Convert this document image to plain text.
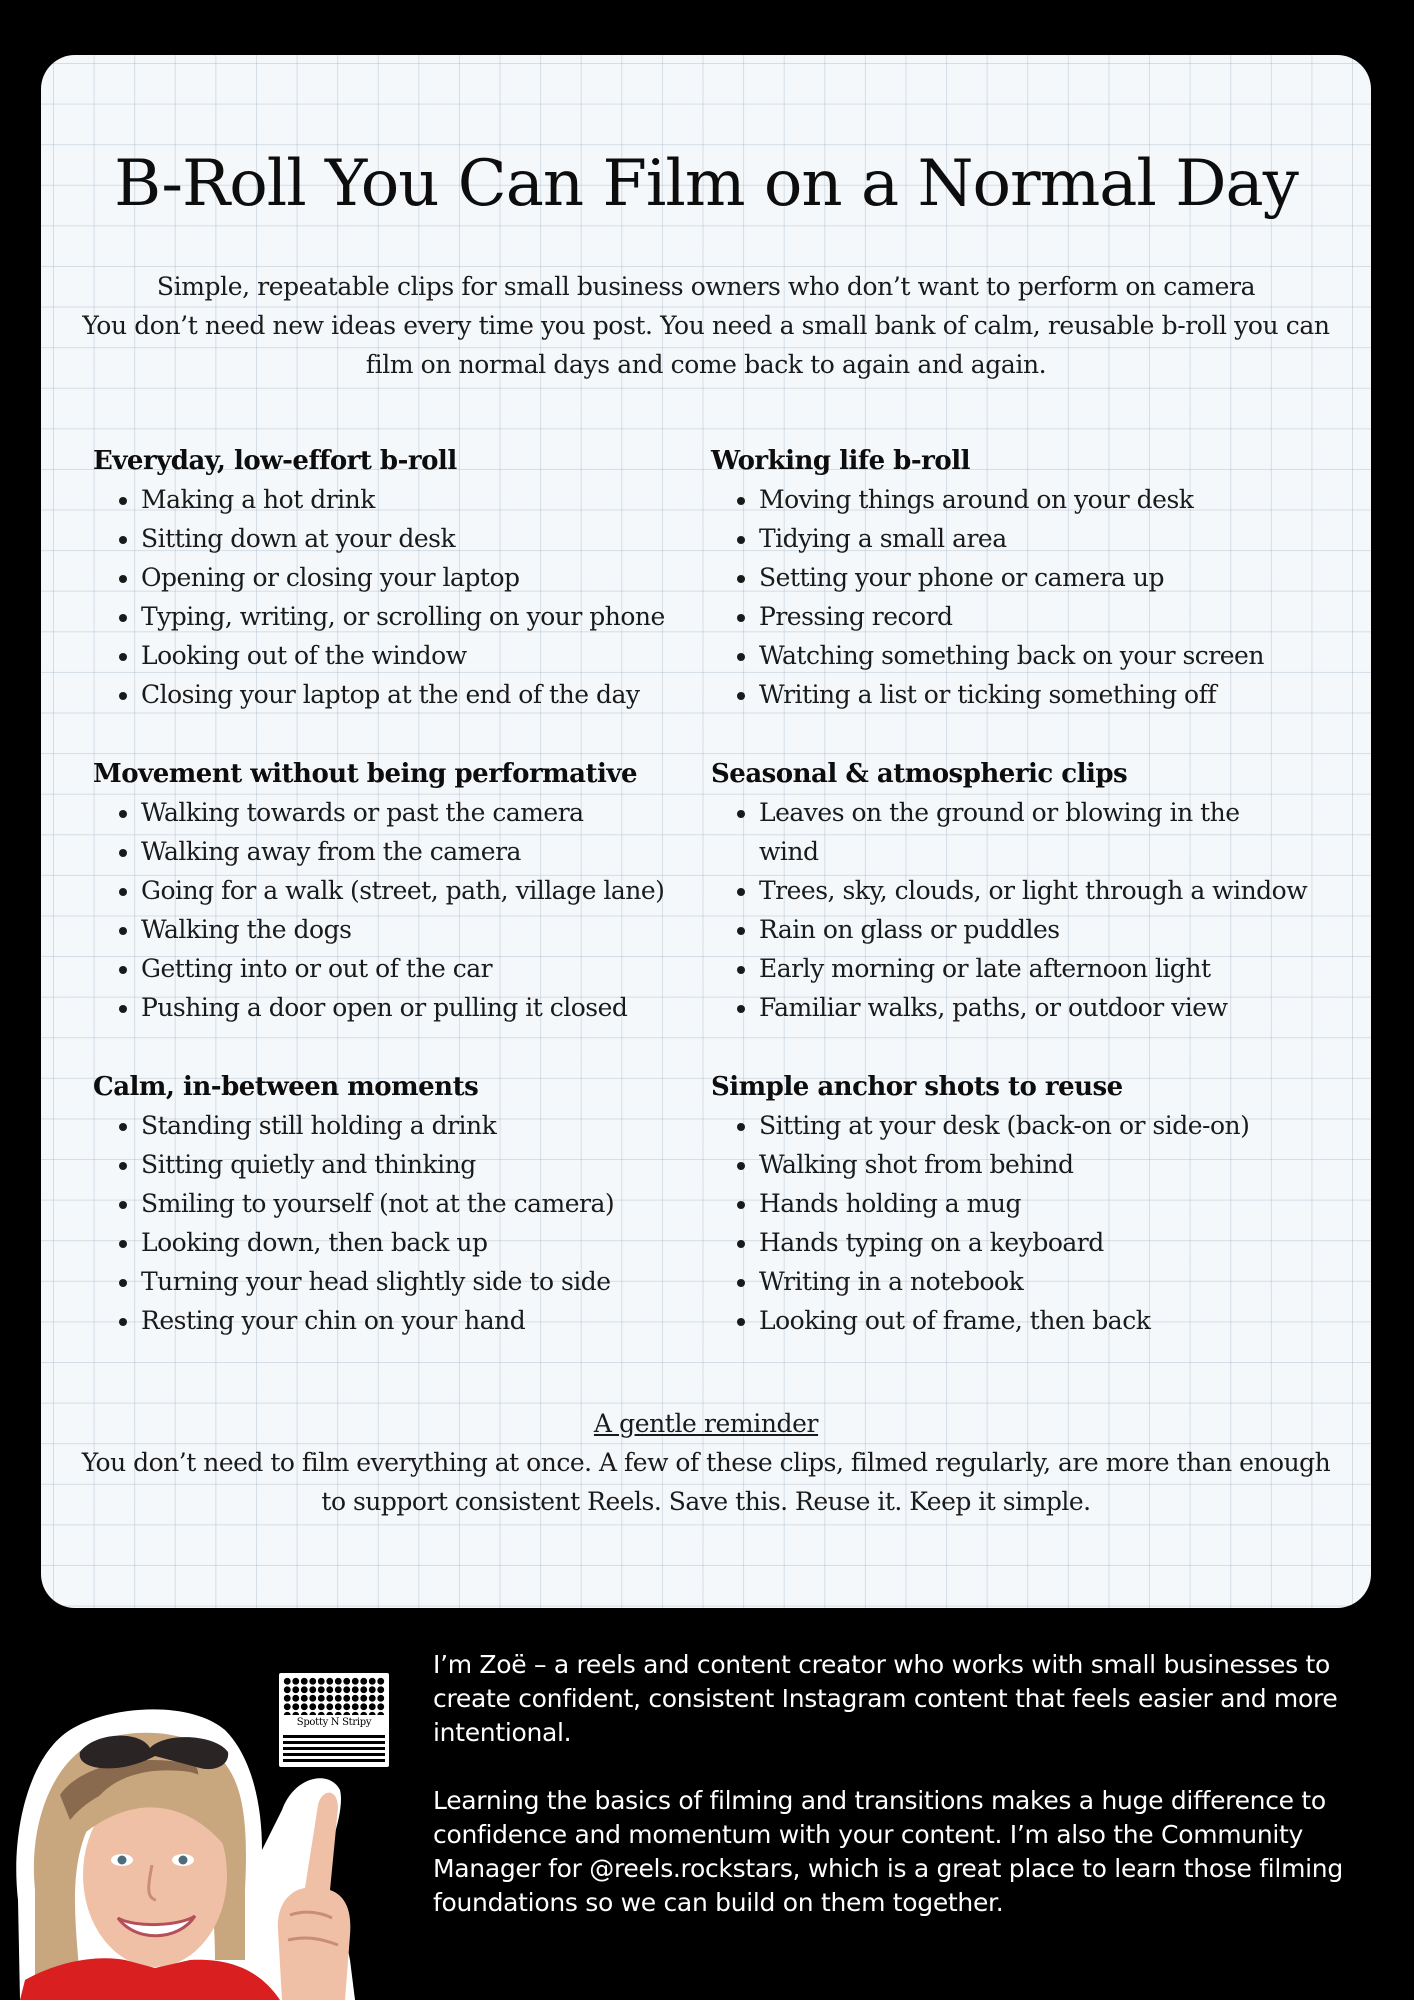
B-Roll You Can Film on a Normal Day

Simple, repeatable clips for small business owners who don’t want to perform on camera

You don’t need new ideas every time you post. You need a small bank of calm, reusable b-roll you can film on normal days and come back to again and again.

Everyday, low-effort b-roll
• Making a hot drink
• Sitting down at your desk
• Opening or closing your laptop
• Typing, writing, or scrolling on your phone
• Looking out of the window
• Closing your laptop at the end of the day
Working life b-roll
• Moving things around on your desk
• Tidying a small area
• Setting your phone or camera up
• Pressing record
• Watching something back on your screen
• Writing a list or ticking something off
Movement without being performative
• Walking towards or past the camera
• Walking away from the camera
• Going for a walk (street, path, village lane)
• Walking the dogs
• Getting into or out of the car
• Pushing a door open or pulling it closed
Seasonal & atmospheric clips
• Leaves on the ground or blowing in the wind
• Trees, sky, clouds, or light through a window
• Rain on glass or puddles
• Early morning or late afternoon light
• Familiar walks, paths, or outdoor view
Calm, in-between moments
• Standing still holding a drink
• Sitting quietly and thinking
• Smiling to yourself (not at the camera)
• Looking down, then back up
• Turning your head slightly side to side
• Resting your chin on your hand
Simple anchor shots to reuse
• Sitting at your desk (back-on or side-on)
• Walking shot from behind
• Hands holding a mug
• Hands typing on a keyboard
• Writing in a notebook
• Looking out of frame, then back
A gentle reminder

You don’t need to film everything at once. A few of these clips, filmed regularly, are more than enough to support consistent Reels. Save this. Reuse it. Keep it simple.

Spotty N Stripy

I’m Zoë – a reels and content creator who works with small businesses to create confident, consistent Instagram content that feels easier and more intentional.

Learning the basics of filming and transitions makes a huge difference to confidence and momentum with your content. I’m also the Community Manager for @reels.rockstars, which is a great place to learn those filming foundations so we can build on them together.
